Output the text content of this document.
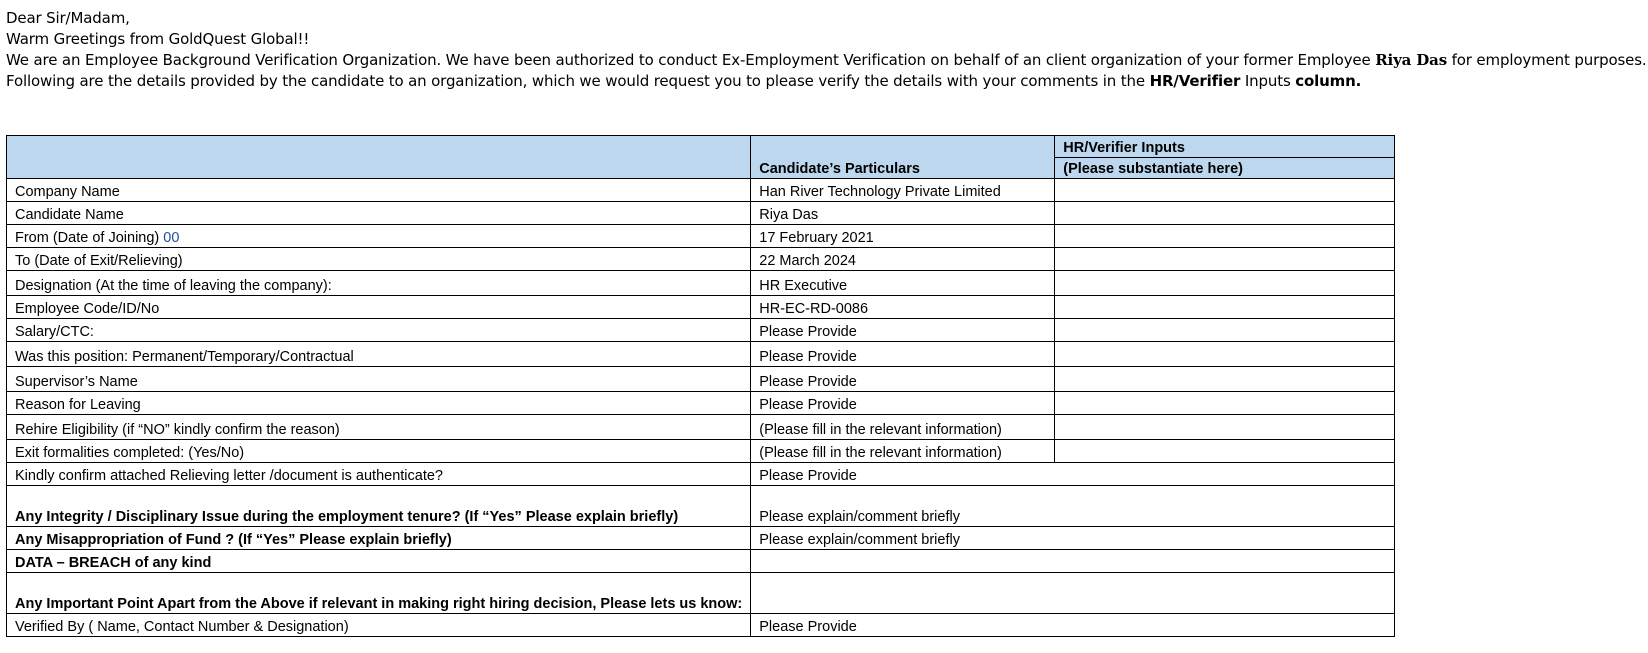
Dear Sir/Madam,
Warm Greetings from GoldQuest Global!!
We are an Employee Background Verification Organization. We have been authorized to conduct Ex-Employment Verification on behalf of an client organization of your former Employee Riya Das for employment purposes.
Following are the details provided by the candidate to an organization, which we would request you to please verify the details with your comments in the HR/Verifier Inputs column.
	Candidate’s Particulars	HR/Verifier Inputs
		(Please substantiate here)
Company Name	Han River Technology Private Limited	
Candidate Name	Riya Das	
From (Date of Joining) 00	17 February 2021	
To (Date of Exit/Relieving)	22 March 2024	
Designation (At the time of leaving the company):	HR Executive	
Employee Code/ID/No	HR-EC-RD-0086	
Salary/CTC:	Please Provide	
Was this position: Permanent/Temporary/Contractual	Please Provide	
Supervisor’s Name	Please Provide	
Reason for Leaving	Please Provide	
Rehire Eligibility (if “NO” kindly confirm the reason)	(Please fill in the relevant information)	
Exit formalities completed: (Yes/No)	(Please fill in the relevant information)	
Kindly confirm attached Relieving letter /document is authenticate?	Please Provide	
Any Integrity / Disciplinary Issue during the employment tenure? (If “Yes” Please explain briefly)	Please explain/comment briefly	
Any Misappropriation of Fund ? (If “Yes” Please explain briefly)	Please explain/comment briefly	
DATA – BREACH of any kind		
Any Important Point Apart from the Above if relevant in making right hiring decision, Please lets us know:		
Verified By ( Name, Contact Number & Designation)	Please Provide	
